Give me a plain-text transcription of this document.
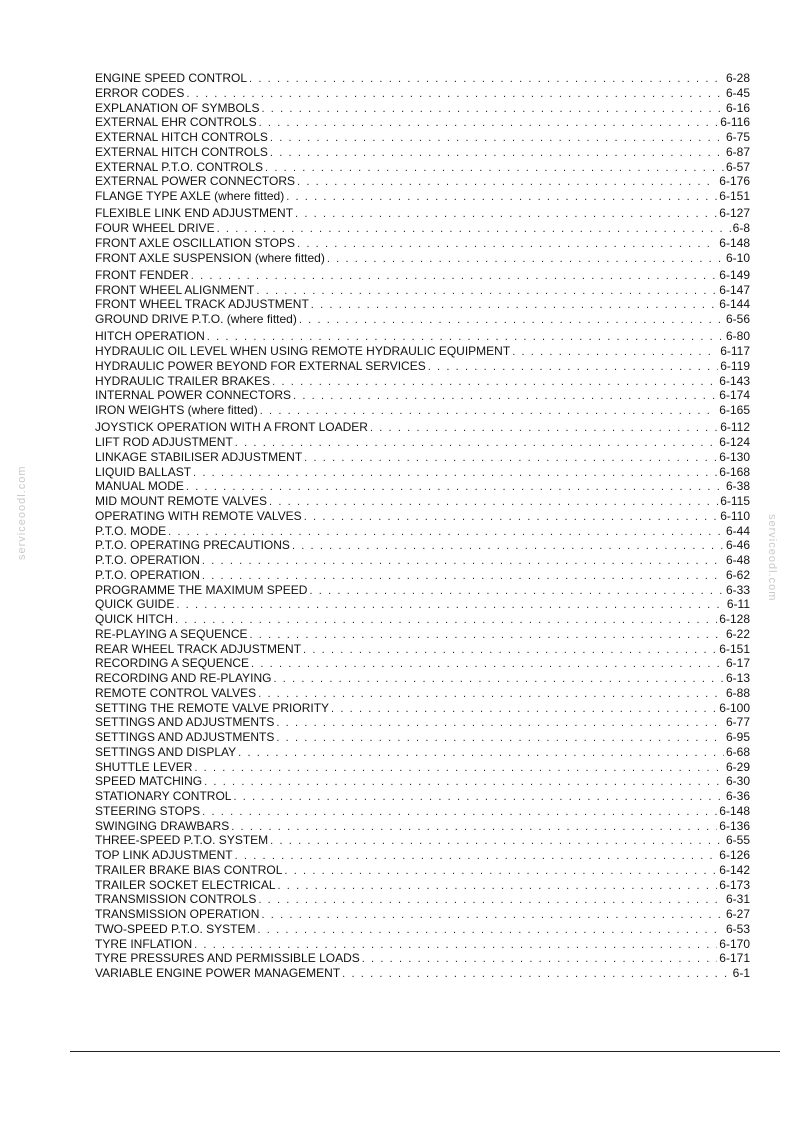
ENGINE SPEED CONTROL . . .	6-28
ERROR CODES . . .	6-45
EXPLANATION OF SYMBOLS . . .	6-16
EXTERNAL EHR CONTROLS . . .	6-116
EXTERNAL HITCH CONTROLS . . .	6-75
EXTERNAL HITCH CONTROLS . . .	6-87
EXTERNAL P.T.O. CONTROLS . . .	6-57
EXTERNAL POWER CONNECTORS . . .	6-176
FLANGE TYPE AXLE (where fitted) . . .	6-151
FLEXIBLE LINK END ADJUSTMENT . . .	6-127
FOUR WHEEL DRIVE . . .	6-8
FRONT AXLE OSCILLATION STOPS . . .	6-148
FRONT AXLE SUSPENSION (where fitted) . . .	6-10
FRONT FENDER . . .	6-149
FRONT WHEEL ALIGNMENT . . .	6-147
FRONT WHEEL TRACK ADJUSTMENT . . .	6-144
GROUND DRIVE P.T.O. (where fitted) . . .	6-56
HITCH OPERATION . . .	6-80
HYDRAULIC OIL LEVEL WHEN USING REMOTE HYDRAULIC EQUIPMENT . . .	6-117
HYDRAULIC POWER BEYOND FOR EXTERNAL SERVICES . . .	6-119
HYDRAULIC TRAILER BRAKES . . .	6-143
INTERNAL POWER CONNECTORS . . .	6-174
IRON WEIGHTS (where fitted) . . .	6-165
JOYSTICK OPERATION WITH A FRONT LOADER . . .	6-112
LIFT ROD ADJUSTMENT . . .	6-124
LINKAGE STABILISER ADJUSTMENT . . .	6-130
LIQUID BALLAST . . .	6-168
MANUAL MODE . . .	6-38
MID MOUNT REMOTE VALVES . . .	6-115
OPERATING WITH REMOTE VALVES . . .	6-110
P.T.O. MODE . . .	6-44
P.T.O. OPERATING PRECAUTIONS . . .	6-46
P.T.O. OPERATION . . .	6-48
P.T.O. OPERATION . . .	6-62
PROGRAMME THE MAXIMUM SPEED . . .	6-33
QUICK GUIDE . . .	6-11
QUICK HITCH . . .	6-128
RE-PLAYING A SEQUENCE . . .	6-22
REAR WHEEL TRACK ADJUSTMENT . . .	6-151
RECORDING A SEQUENCE . . .	6-17
RECORDING AND RE-PLAYING . . .	6-13
REMOTE CONTROL VALVES . . .	6-88
SETTING THE REMOTE VALVE PRIORITY . . .	6-100
SETTINGS AND ADJUSTMENTS . . .	6-77
SETTINGS AND ADJUSTMENTS . . .	6-95
SETTINGS AND DISPLAY . . .	6-68
SHUTTLE LEVER . . .	6-29
SPEED MATCHING . . .	6-30
STATIONARY CONTROL . . .	6-36
STEERING STOPS . . .	6-148
SWINGING DRAWBARS . . .	6-136
THREE-SPEED P.T.O. SYSTEM . . .	6-55
TOP LINK ADJUSTMENT . . .	6-126
TRAILER BRAKE BIAS CONTROL . . .	6-142
TRAILER SOCKET ELECTRICAL . . .	6-173
TRANSMISSION CONTROLS . . .	6-31
TRANSMISSION OPERATION . . .	6-27
TWO-SPEED P.T.O. SYSTEM . . .	6-53
TYRE INFLATION . . .	6-170
TYRE PRESSURES AND PERMISSIBLE LOADS . . .	6-171
VARIABLE ENGINE POWER MANAGEMENT . . .	6-1
serviceoodl.com	serviceodl.com
